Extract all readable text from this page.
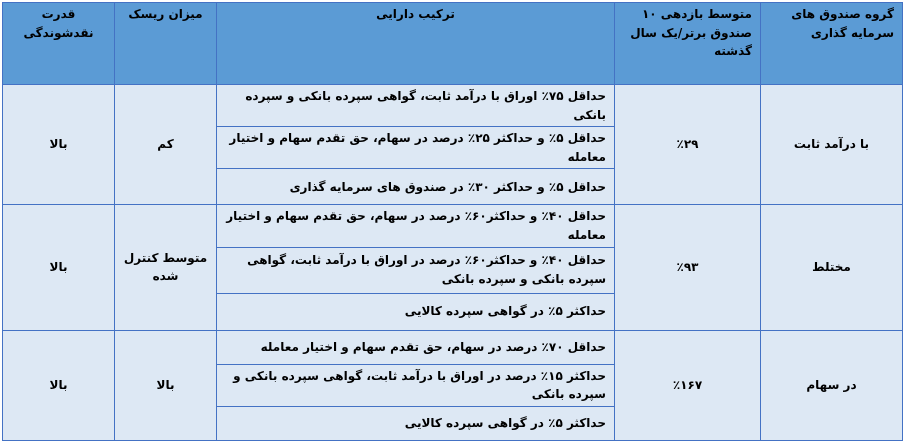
گروه صندوق های سرمایه گذاری	متوسط بازدهی ۱۰ صندوق برتر/یک سال گذشته	ترکیب دارایی	میزان ریسک	قدرت نقدشوندگی
با درآمد ثابت	٪۲۹	حداقل ۷۵٪ اوراق با درآمد ثابت، گواهی سپرده بانکی و سپرده بانکی	کم	بالا
		حداقل ۵٪ و حداکثر ۲۵٪ درصد در سهام، حق تقدم سهام و اختیار معامله		
		حداقل ۵٪ و حداکثر ۳۰٪ در صندوق های سرمایه گذاری		
مختلط	٪۹۳	حداقل ۴۰٪ و حداکثر۶۰٪ درصد در سهام، حق تقدم سهام و اختیار معامله	متوسط کنترل شده	بالا
		حداقل ۴۰٪ و حداکثر۶۰٪ درصد در اوراق با درآمد ثابت، گواهی سپرده بانکی و سپرده بانکی		
		حداکثر ۵٪ در گواهی سپرده کالایی		
در سهام	٪۱۶۷	حداقل ۷۰٪ درصد در سهام، حق تقدم سهام و اختیار معامله	بالا	بالا
		حداکثر ۱۵٪ درصد در اوراق با درآمد ثابت، گواهی سپرده بانکی و سپرده بانکی		
		حداکثر ۵٪ در گواهی سپرده کالایی		
